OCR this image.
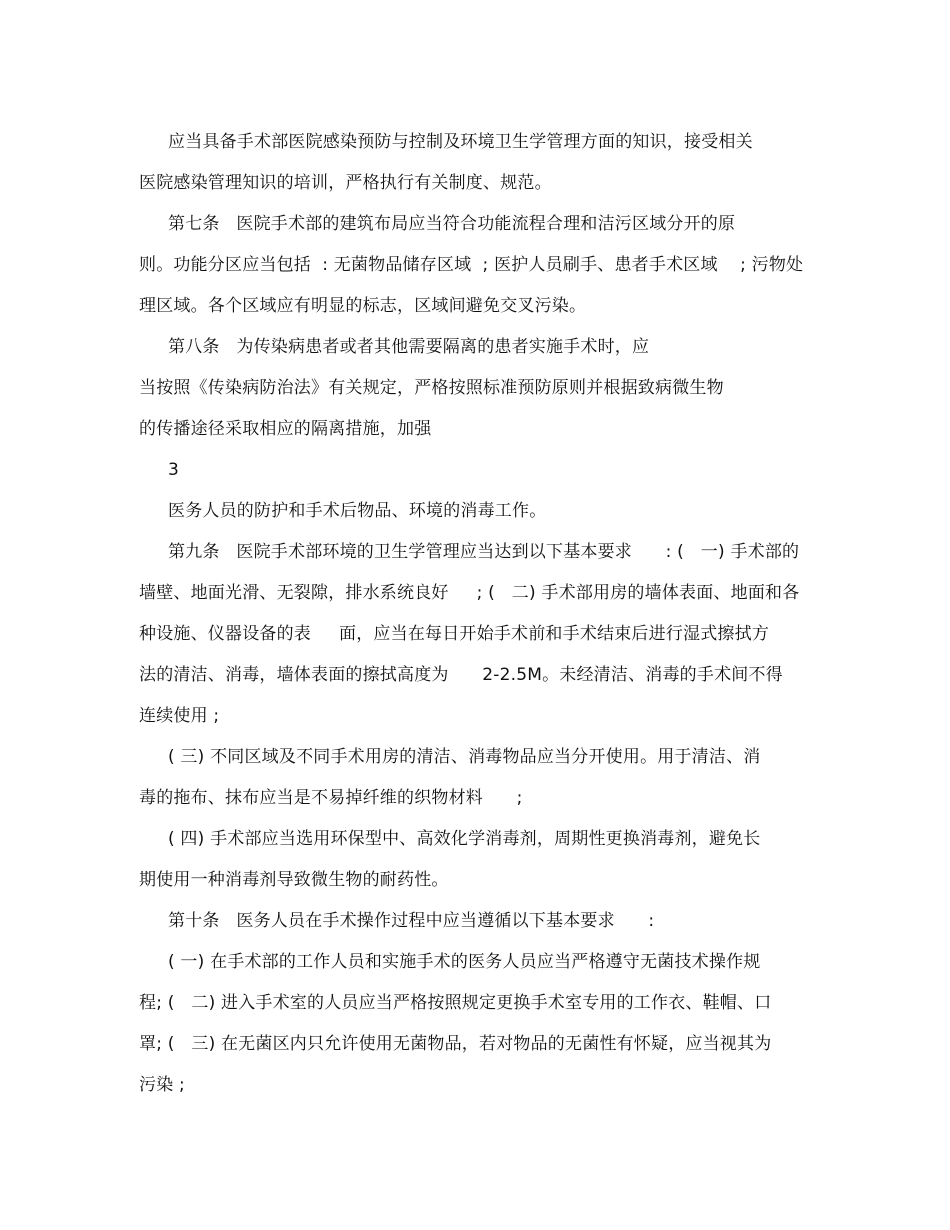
应当具备手术部医院感染预防与控制及环境卫生学管理方面的知识，接受相关
医院感染管理知识的培训，严格执行有关制度、规范。
第七条   医院手术部的建筑布局应当符合功能流程合理和洁污区域分开的原
则。功能分区应当包括  : 无菌物品储存区域  ; 医护人员刷手、患者手术区域    ; 污物处
理区域。各个区域应有明显的标志，区域间避免交叉污染。
第八条   为传染病患者或者其他需要隔离的患者实施手术时，应
当按照《传染病防治法》有关规定，严格按照标准预防原则并根据致病微生物
的传播途径采取相应的隔离措施，加强
3
医务人员的防护和手术后物品、环境的消毒工作。
第九条   医院手术部环境的卫生学管理应当达到以下基本要求      : (   一) 手术部的
墙壁、地面光滑、无裂隙，排水系统良好     ; (   二) 手术部用房的墙体表面、地面和各
种设施、仪器设备的表     面，应当在每日开始手术前和手术结束后进行湿式擦拭方
法的清洁、消毒，墙体表面的擦拭高度为      2-2.5M。未经清洁、消毒的手术间不得
连续使用 ;
( 三) 不同区域及不同手术用房的清洁、消毒物品应当分开使用。用于清洁、消
毒的拖布、抹布应当是不易掉纤维的织物材料      ;
( 四) 手术部应当选用环保型中、高效化学消毒剂，周期性更换消毒剂，避免长
期使用一种消毒剂导致微生物的耐药性。
第十条   医务人员在手术操作过程中应当遵循以下基本要求      :
( 一) 在手术部的工作人员和实施手术的医务人员应当严格遵守无菌技术操作规
程; (   二) 进入手术室的人员应当严格按照规定更换手术室专用的工作衣、鞋帽、口
罩; (   三) 在无菌区内只允许使用无菌物品，若对物品的无菌性有怀疑，应当视其为
污染 ;
